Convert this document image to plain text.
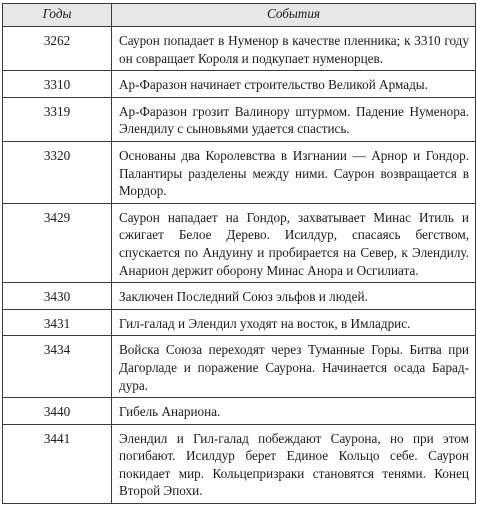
Годы	События
3262	Саурон попадает в Нуменор в качестве пленника; к 3310 году он совращает Короля и подкупает нуменорцев.
3310	Ар-Фаразон начинает строительство Великой Армады.
3319	Ар-Фаразон грозит Валинору штурмом. Падение Нуменора. Элендилу с сыновьями удается спастись.
3320	Основаны два Королевства в Изгнании — Арнор и Гондор. Палантиры разделены между ними. Саурон возвращается в Мордор.
3429	Саурон нападает на Гондор, захватывает Минас Итиль и сжигает Белое Дерево. Исилдур, спасаясь бегством, спускается по Андуину и пробирается на Север, к Элендилу. Анарион держит оборону Минас Анора и Осгилиата.
3430	Заключен Последний Союз эльфов и людей.
3431	Гил-галад и Элендил уходят на восток, в Имладрис.
3434	Войска Союза переходят через Туманные Горы. Битва при Дагорладе и поражение Саурона. Начинается осада Барад-дура.
3440	Гибель Анариона.
3441	Элендил и Гил-галад побеждают Саурона, но при этом погибают. Исилдур берет Единое Кольцо себе. Саурон покидает мир. Кольцепризраки становятся тенями. Конец Второй Эпохи.
